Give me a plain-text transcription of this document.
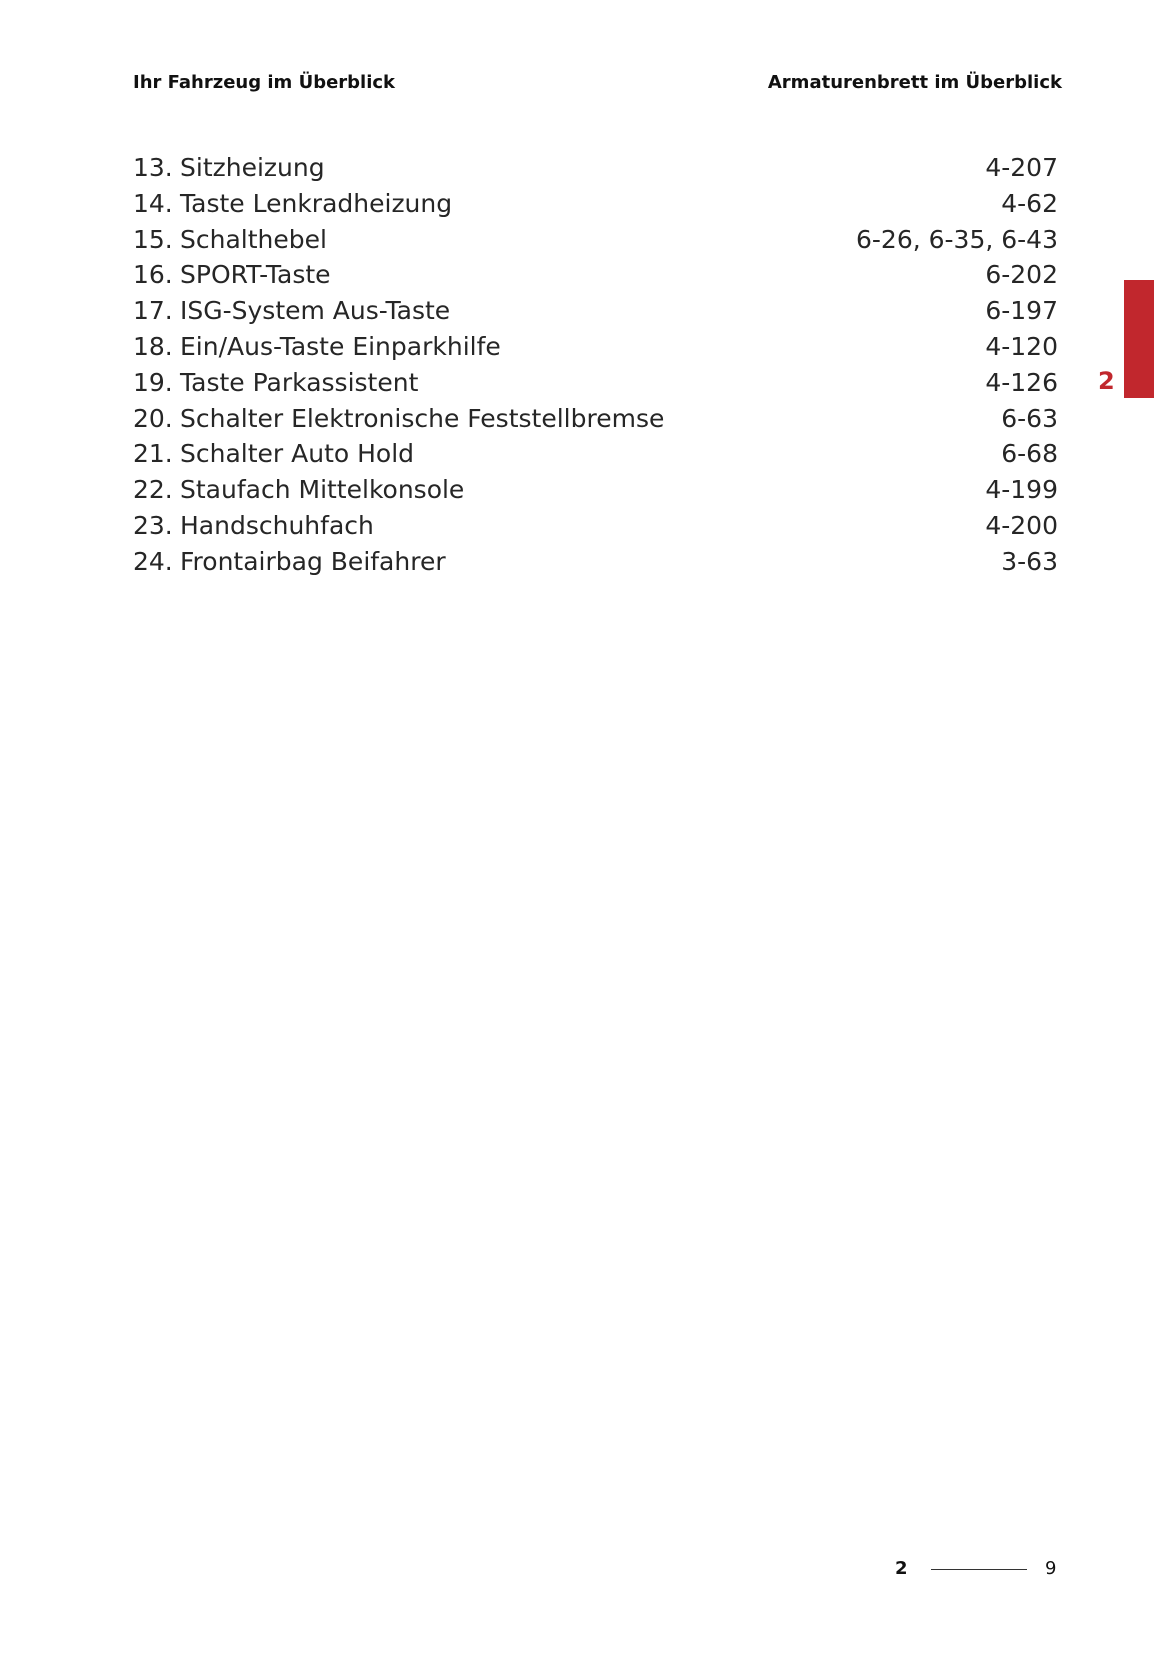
Ihr Fahrzeug im Überblick	Armaturenbrett im Überblick
13. Sitzheizung	4-207
14. Taste Lenkradheizung	4-62
15. Schalthebel	6-26, 6-35, 6-43
16. SPORT-Taste	6-202
17. ISG-System Aus-Taste	6-197
18. Ein/Aus-Taste Einparkhilfe	4-120
19. Taste Parkassistent	4-126
20. Schalter Elektronische Feststellbremse	6-63
21. Schalter Auto Hold	6-68
22. Staufach Mittelkonsole	4-199
23. Handschuhfach	4-200
24. Frontairbag Beifahrer	3-63
2
2	9
